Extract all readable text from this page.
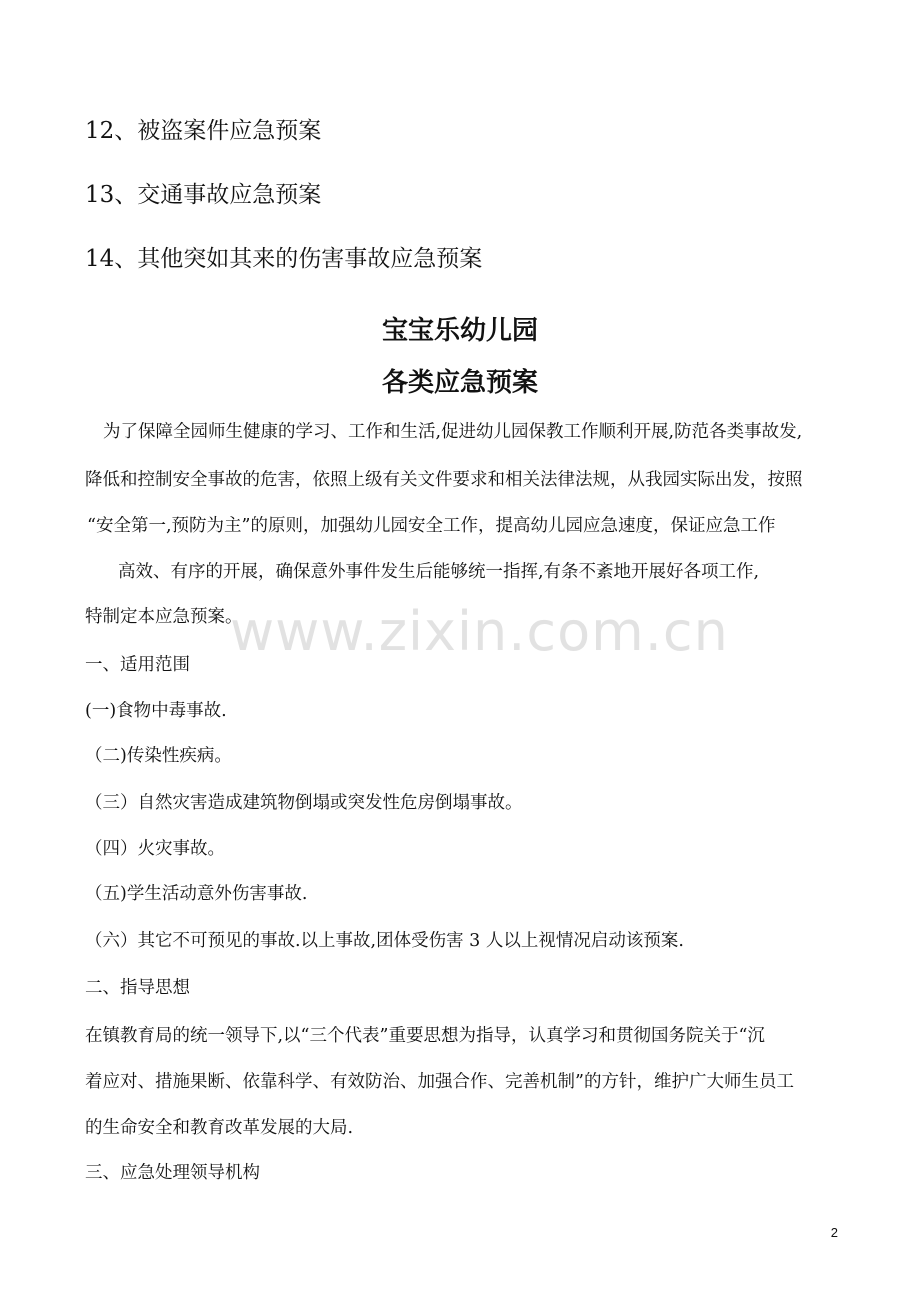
12、被盗案件应急预案
13、交通事故应急预案
14、其他突如其来的伤害事故应急预案
宝宝乐幼儿园
各类应急预案
为了保障全园师生健康的学习、工作和生活,促进幼儿园保教工作顺利开展,防范各类事故发,
降低和控制安全事故的危害，依照上级有关文件要求和相关法律法规，从我园实际出发，按照
“安全第一,预防为主”的原则，加强幼儿园安全工作，提高幼儿园应急速度，保证应急工作
高效、有序的开展，确保意外事件发生后能够统一指挥,有条不紊地开展好各项工作,
特制定本应急预案。
一、适用范围
(一)食物中毒事故.
（二)传染性疾病。
（三）自然灾害造成建筑物倒塌或突发性危房倒塌事故。
（四）火灾事故。
（五)学生活动意外伤害事故.
（六）其它不可预见的事故.以上事故,团体受伤害 3 人以上视情况启动该预案.
二、指导思想
在镇教育局的统一领导下,以“三个代表”重要思想为指导，认真学习和贯彻国务院关于“沉
着应对、措施果断、依靠科学、有效防治、加强合作、完善机制”的方针，维护广大师生员工
的生命安全和教育改革发展的大局.
三、应急处理领导机构
www.zixin.com.cn
2
